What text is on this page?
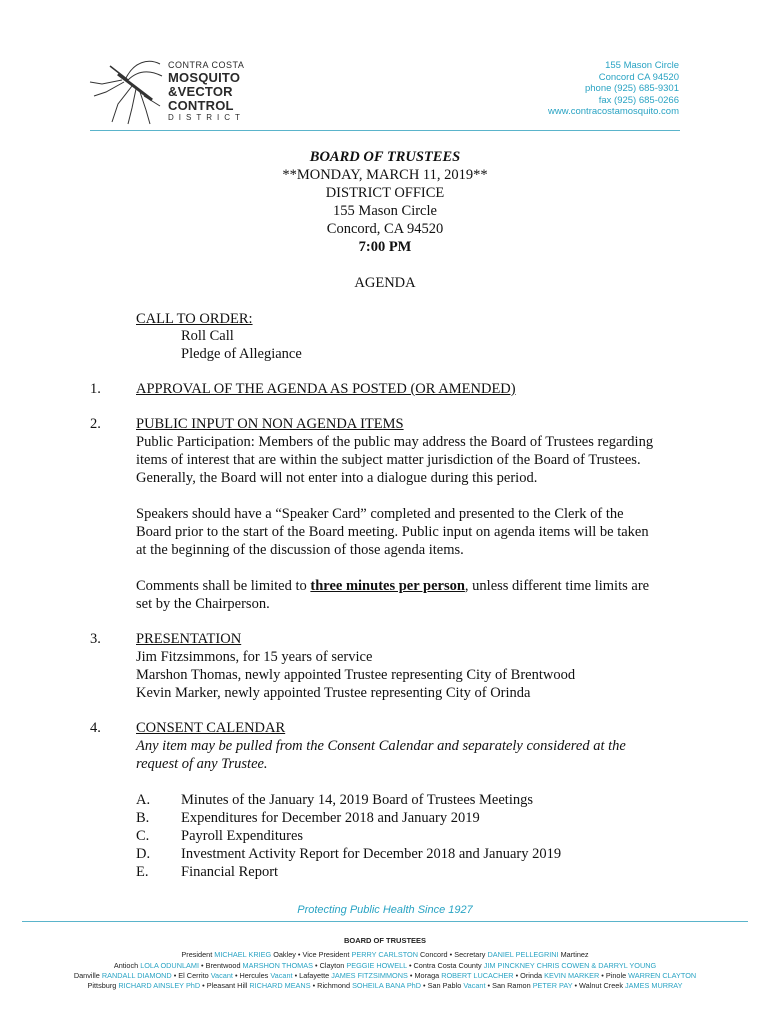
CONTRA COSTA
MOSQUITO
&VECTOR
CONTROL
DISTRICT
155 Mason Circle
Concord CA 94520
phone (925) 685-9301
fax (925) 685-0266
www.contracostamosquito.com
BOARD OF TRUSTEES
**MONDAY, MARCH 11, 2019**
DISTRICT OFFICE
155 Mason Circle
Concord, CA 94520
7:00 PM
AGENDA
CALL TO ORDER:
Roll Call
Pledge of Allegiance
1. APPROVAL OF THE AGENDA AS POSTED (OR AMENDED)
2. PUBLIC INPUT ON NON AGENDA ITEMS
Public Participation: Members of the public may address the Board of Trustees regarding
items of interest that are within the subject matter jurisdiction of the Board of Trustees.
Generally, the Board will not enter into a dialogue during this period.
Speakers should have a “Speaker Card” completed and presented to the Clerk of the
Board prior to the start of the Board meeting. Public input on agenda items will be taken
at the beginning of the discussion of those agenda items.
Comments shall be limited to three minutes per person, unless different time limits are
set by the Chairperson.
3. PRESENTATION
Jim Fitzsimmons, for 15 years of service
Marshon Thomas, newly appointed Trustee representing City of Brentwood
Kevin Marker, newly appointed Trustee representing City of Orinda
4. CONSENT CALENDAR
Any item may be pulled from the Consent Calendar and separately considered at the
request of any Trustee.
A. Minutes of the January 14, 2019 Board of Trustees Meetings
B. Expenditures for December 2018 and January 2019
C. Payroll Expenditures
D. Investment Activity Report for December 2018 and January 2019
E. Financial Report
Protecting Public Health Since 1927
BOARD OF TRUSTEES
President MICHAEL KRIEG Oakley • Vice President PERRY CARLSTON Concord • Secretary DANIEL PELLEGRINI Martinez
Antioch LOLA ODUNLAMI • Brentwood MARSHON THOMAS • Clayton PEGGIE HOWELL • Contra Costa County JIM PINCKNEY CHRIS COWEN & DARRYL YOUNG
Danville RANDALL DIAMOND • El Cerrito Vacant • Hercules Vacant • Lafayette JAMES FITZSIMMONS • Moraga ROBERT LUCACHER • Orinda KEVIN MARKER • Pinole WARREN CLAYTON
Pittsburg RICHARD AINSLEY PhD • Pleasant Hill RICHARD MEANS • Richmond SOHEILA BANA PhD • San Pablo Vacant • San Ramon PETER PAY • Walnut Creek JAMES MURRAY
